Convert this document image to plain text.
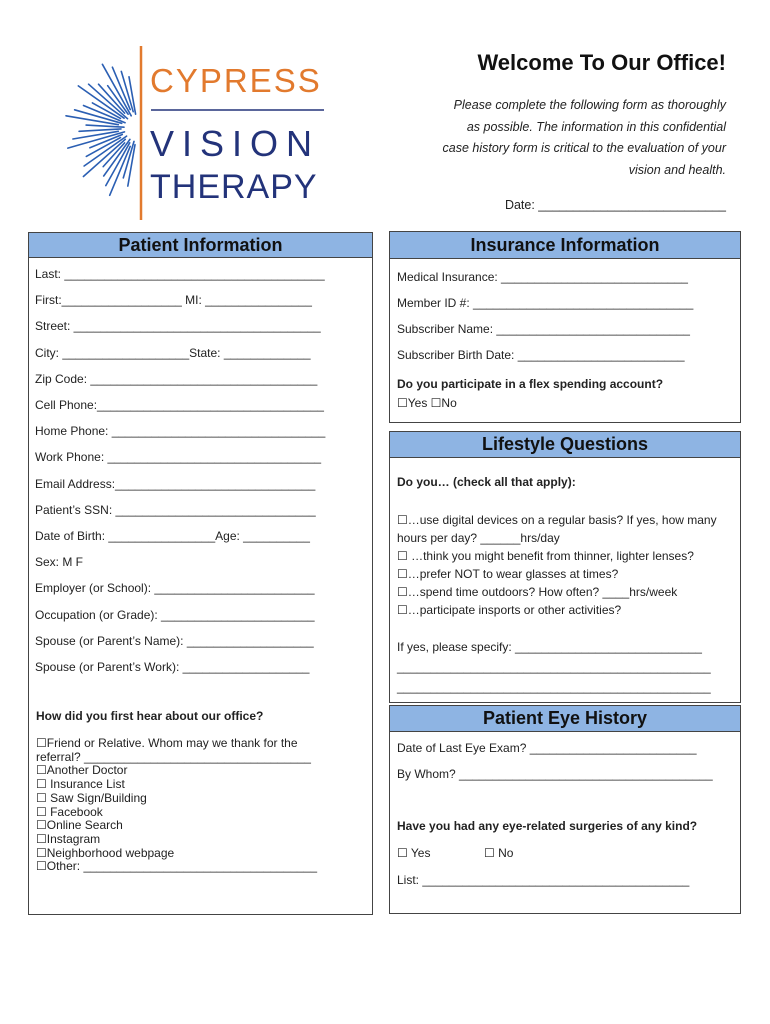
CYPRESS
VISION
THERAPY
Welcome To Our Office!
Please complete the following form as thoroughly
as possible. The information in this confidential
case history form is critical to the evaluation of your
vision and health.
Date: ___________________________
Patient Information
Last: _______________________________________
First:__________________ MI: ________________
Street: _____________________________________
City: ___________________State: _____________
Zip Code: __________________________________
Cell Phone:__________________________________
Home Phone: ________________________________
Work Phone: ________________________________
Email Address:______________________________
Patient’s SSN: ______________________________
Date of Birth: ________________Age: __________
Sex: M F
Employer (or School): ________________________
Occupation (or Grade): _______________________
Spouse (or Parent’s Name): ___________________
Spouse (or Parent’s Work): ___________________
How did you first hear about our office?
☐Friend or Relative. Whom may we thank for the
referral? __________________________________
☐Another Doctor
☐ Insurance List
☐ Saw Sign/Building
☐ Facebook
☐Online Search
☐Instagram
☐Neighborhood webpage
☐Other: ___________________________________
Insurance Information
Medical Insurance: ____________________________
Member ID #: _________________________________
Subscriber Name: _____________________________
Subscriber Birth Date: _________________________
Do you participate in a flex spending account?
☐Yes ☐No
Lifestyle Questions
Do you… (check all that apply):
☐…use digital devices on a regular basis? If yes, how many
hours per day? ______hrs/day
☐ …think you might benefit from thinner, lighter lenses?
☐…prefer NOT to wear glasses at times?
☐…spend time outdoors? How often? ____hrs/week
☐…participate insports or other activities?
If yes, please specify: ____________________________
_______________________________________________
_______________________________________________
Patient Eye History
Date of Last Eye Exam? _________________________
By Whom? ______________________________________
Have you had any eye-related surgeries of any kind?
☐ Yes	☐ No
List: ________________________________________
